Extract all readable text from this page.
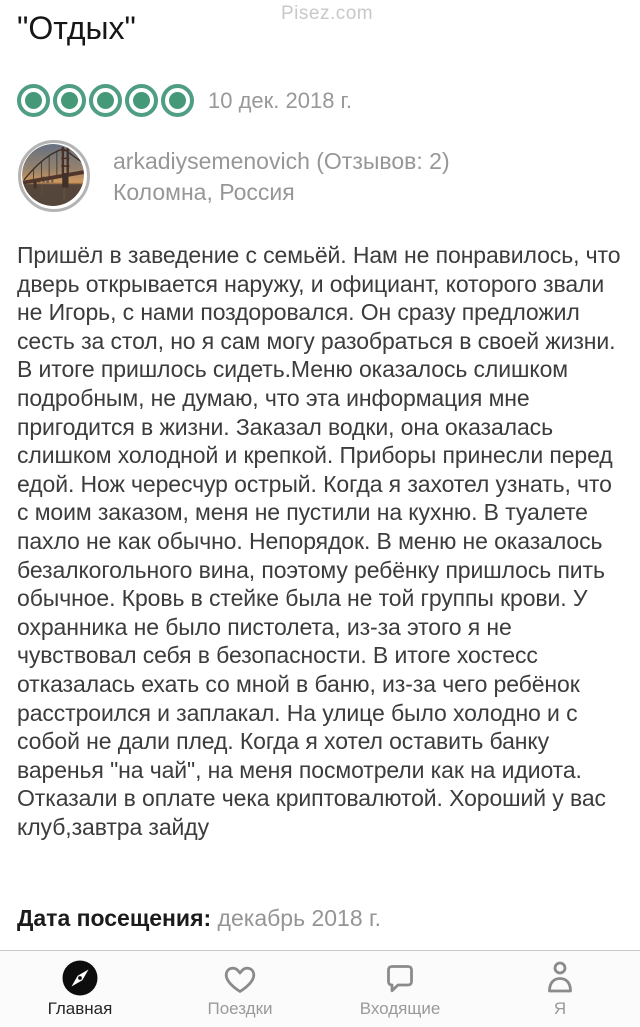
Pisez.com
"Отдых"
10 дек. 2018 г.
arkadiysemenovich (Отзывов: 2)
Коломна, Россия
Пришёл в заведение с семьёй. Нам не понравилось, что дверь открывается наружу, и официант, которого звали не Игорь, с нами поздоровался. Он сразу предложил сесть за стол, но я сам могу разобраться в своей жизни. В итоге пришлось сидеть.Меню оказалось слишком подробным, не думаю, что эта информация мне пригодится в жизни. Заказал водки, она оказалась слишком холодной и крепкой. Приборы принесли перед едой. Нож чересчур острый. Когда я захотел узнать, что с моим заказом, меня не пустили на кухню. В туалете пахло не как обычно. Непорядок. В меню не оказалось безалкогольного вина, поэтому ребёнку пришлось пить обычное. Кровь в стейке была не той группы крови. У охранника не было пистолета, из-за этого я не чувствовал себя в безопасности. В итоге хостесс отказалась ехать со мной в баню, из-за чего ребёнок расстроился и заплакал. На улице было холодно и с собой не дали плед. Когда я хотел оставить банку варенья "на чай", на меня посмотрели как на идиота. Отказали в оплате чека криптовалютой. Хороший у вас клуб,завтра зайду
Дата посещения: декабрь 2018 г.
Главная	Поездки	Входящие	Я
